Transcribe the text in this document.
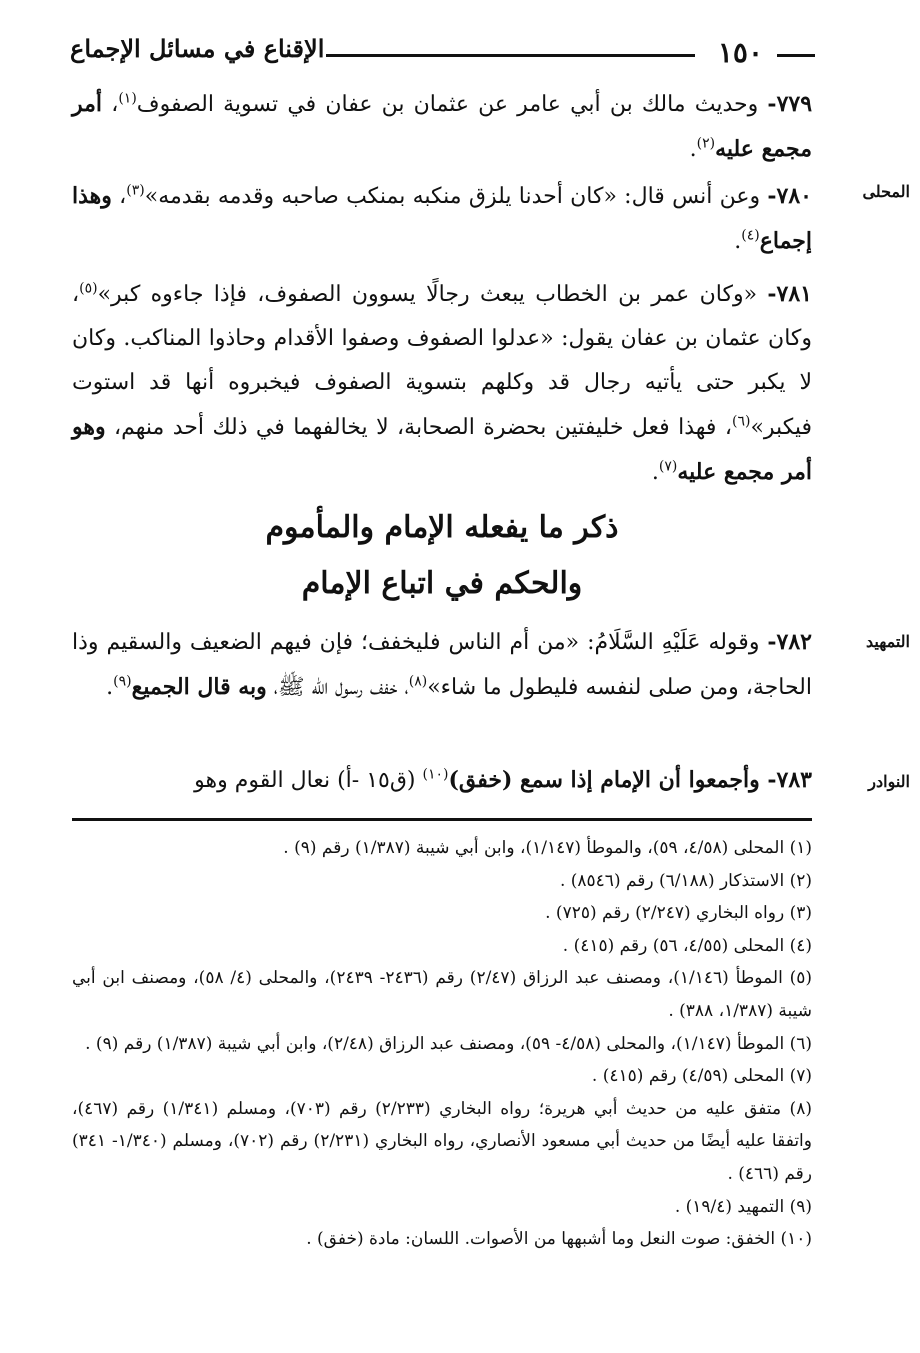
١٥٠
الإقناع في مسائل الإجماع
المحلى
التمهيد
النوادر

٧٧٩- وحديث مالك بن أبي عامر عن عثمان بن عفان في تسوية الصفوف$^{(١)}$، أمر مجمع عليه$^{(٢)}$.

٧٨٠- وعن أنس قال: «كان أحدنا يلزق منكبه بمنكب صاحبه وقدمه بقدمه»$^{(٣)}$، وهذا إجماع$^{(٤)}$.

٧٨١- «وكان عمر بن الخطاب يبعث رجالًا يسوون الصفوف، فإذا جاءوه كبر»$^{(٥)}$، وكان عثمان بن عفان يقول: «عدلوا الصفوف وصفوا الأقدام وحاذوا المناكب. وكان لا يكبر حتى يأتيه رجال قد وكلهم بتسوية الصفوف فيخبروه أنها قد استوت فيكبر»$^{(٦)}$، فهذا فعل خليفتين بحضرة الصحابة، لا يخالفهما في ذلك أحد منهم، وهو أمر مجمع عليه$^{(٧)}$.

ذكر ما يفعله الإمام والمأموم

والحكم في اتباع الإمام

٧٨٢- وقوله عَلَيْهِ السَّلَامُ: «من أم الناس فليخفف؛ فإن فيهم الضعيف والسقيم وذا الحاجة، ومن صلى لنفسه فليطول ما شاء»$^{(٨)}$، خفف رسول الله ﷺ، وبه قال الجميع$^{(٩)}$.

٧٨٣- وأجمعوا أن الإمام إذا سمع (خفق)$^{(١٠)}$ (ق١٥ -أ) نعال القوم وهو

(١) المحلى (٤/٥٨، ٥٩)، والموطأ (١/١٤٧)، وابن أبي شيبة (١/٣٨٧) رقم (٩) .
(٢) الاستذكار (٦/١٨٨) رقم (٨٥٤٦) .
(٣) رواه البخاري (٢/٢٤٧) رقم (٧٢٥) .
(٤) المحلى (٤/٥٥، ٥٦) رقم (٤١٥) .
(٥) الموطأ (١/١٤٦)، ومصنف عبد الرزاق (٢/٤٧) رقم (٢٤٣٦- ٢٤٣٩)، والمحلى (٤/ ٥٨)، ومصنف ابن أبي شيبة (١/٣٨٧، ٣٨٨) .
(٦) الموطأ (١/١٤٧)، والمحلى (٤/٥٨- ٥٩)، ومصنف عبد الرزاق (٢/٤٨)، وابن أبي شيبة (١/٣٨٧) رقم (٩) .
(٧) المحلى (٤/٥٩) رقم (٤١٥) .
(٨) متفق عليه من حديث أبي هريرة؛ رواه البخاري (٢/٢٣٣) رقم (٧٠٣)، ومسلم (١/٣٤١) رقم (٤٦٧)، واتفقا عليه أيضًا من حديث أبي مسعود الأنصاري، رواه البخاري (٢/٢٣١) رقم (٧٠٢)، ومسلم (١/٣٤٠- ٣٤١) رقم (٤٦٦) .
(٩) التمهيد (١٩/٤) .
(١٠) الخفق: صوت النعل وما أشبهها من الأصوات. اللسان: مادة (خفق) .
